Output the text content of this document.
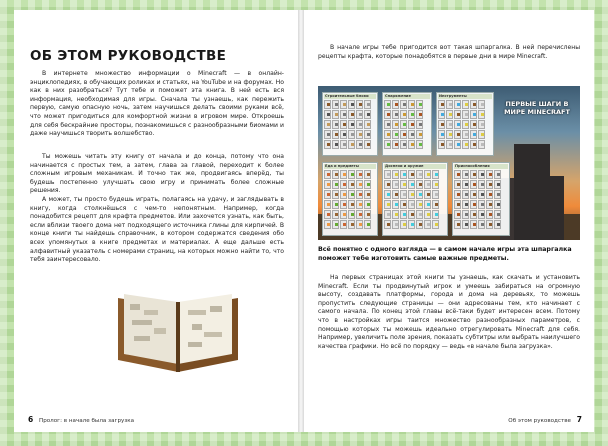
ОБ ЭТОМ РУКОВОДСТВЕ

В интернете множество информации о Minecraft — в онлайн-энциклопедиях, в обучающих роликах и статьях, на YouTube и на форумах. Но как в них разобраться? Тут тебе и поможет эта книга. В ней есть вся информация, необходимая для игры. Сначала ты узнаешь, как пережить первую, самую опасную ночь, затем научишься делать своими руками всё, что может пригодиться для комфортной жизни в игровом мире. Откроешь для себя бескрайние просторы, познакомишься с разнообразными биомами и даже научишься творить волшебство.

Ты можешь читать эту книгу от начала и до конца, потому что она начинается с простых тем, а затем, глава за главой, переходит к более сложным игровым механикам. И точно так же, продвигаясь вперёд, ты будешь постепенно улучшать свою игру и принимать более сложные решения.

А может, ты просто будешь играть, полагаясь на удачу, и заглядывать в книгу, когда столкнёшься с чем-то непонятным. Например, когда понадобится рецепт для крафта предметов. Или захочется узнать, как быть, если вблизи твоего дома нет подходящего источника глины для кирпичей. В конце книги ты найдешь справочник, в котором содержатся сведения обо всех упомянутых в книге предметах и материалах. А еще дальше есть алфавитный указатель с номерами страниц, на которых можно найти то, что тебя заинтересовало.

6 Пролог: в начале была загрузка

В начале игры тебе пригодится вот такая шпаргалка. В ней перечислены рецепты крафта, которые понадобятся в первые дни в мире Minecraft.

ПЕРВЫЕ ШАГИ В МИРЕ MINECRAFT
Строительные блоки	Снаряжение	Инструменты
Еда и предметы	Доспехи и оружие	Приспособления

Всё понятно с одного взгляда — в самом начале игры эта шпаргалка поможет тебе изготовить самые важные предметы.

На первых страницах этой книги ты узнаешь, как скачать и установить Minecraft. Если ты продвинутый игрок и умеешь забираться на огромную высоту, создавать платформы, города и дома на деревьях, то можешь пропустить следующие страницы — они адресованы тем, кто начинает с самого начала. По конец этой главы всё-таки будет интересен всем. Потому что в настройках игры таится множество разнообразных параметров, с помощью которых ты можешь идеально отрегулировать Minecraft для себя. Например, увеличить поле зрения, показать субтитры или выбрать наилучшего качества графики. Но всё по порядку — ведь «в начале была загрузка».

Об этом руководстве 7
